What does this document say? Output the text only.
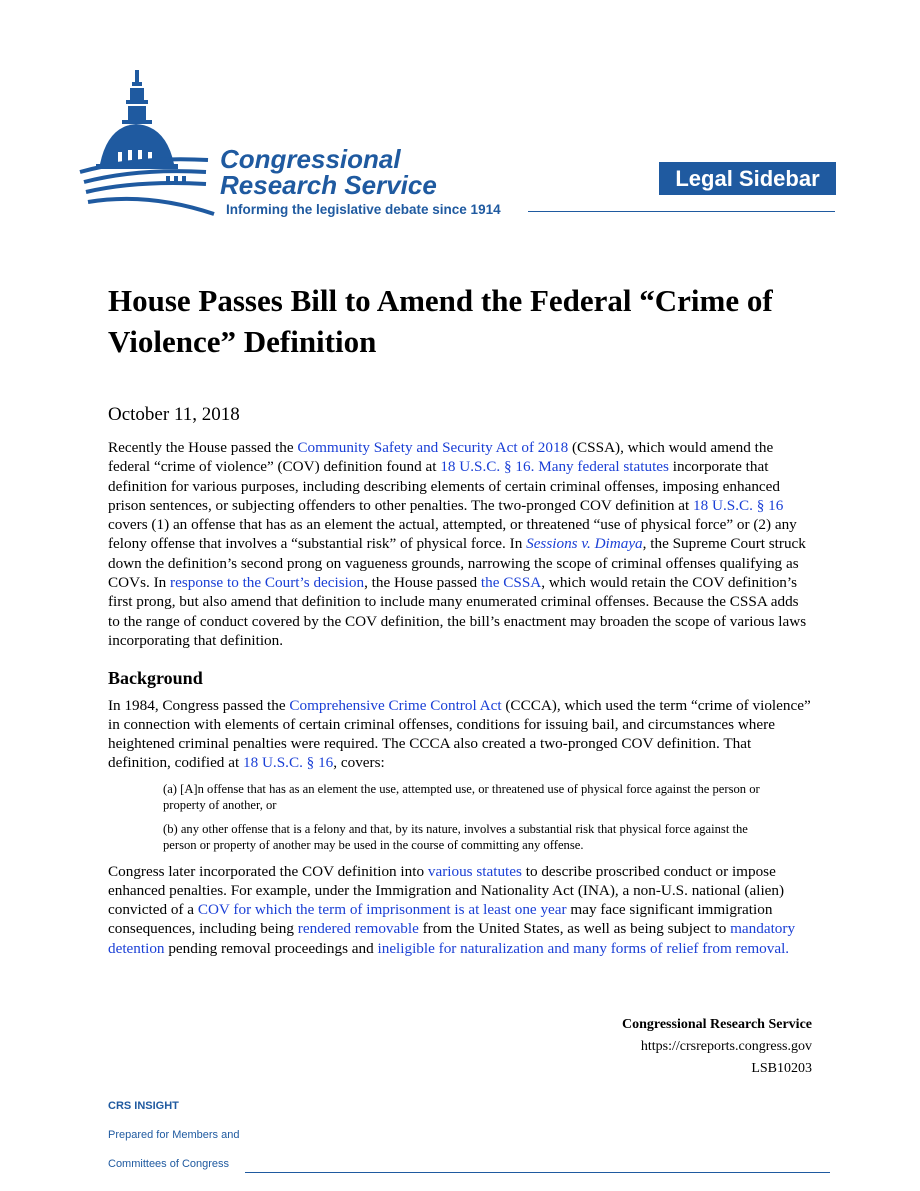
Congressional
Research Service
Informing the legislative debate since 1914
Legal Sidebar
House Passes Bill to Amend the Federal “Crime of Violence” Definition
October 11, 2018

Recently the House passed the Community Safety and Security Act of 2018 (CSSA), which would amend the federal “crime of violence” (COV) definition found at 18 U.S.C. § 16. Many federal statutes incorporate that definition for various purposes, including describing elements of certain criminal offenses, imposing enhanced prison sentences, or subjecting offenders to other penalties. The two-pronged COV definition at 18 U.S.C. § 16 covers (1) an offense that has as an element the actual, attempted, or threatened “use of physical force” or (2) any felony offense that involves a “substantial risk” of physical force. In Sessions v. Dimaya, the Supreme Court struck down the definition’s second prong on vagueness grounds, narrowing the scope of criminal offenses qualifying as COVs. In response to the Court’s decision, the House passed the CSSA, which would retain the COV definition’s first prong, but also amend that definition to include many enumerated criminal offenses. Because the CSSA adds to the range of conduct covered by the COV definition, the bill’s enactment may broaden the scope of various laws incorporating that definition.

Background

In 1984, Congress passed the Comprehensive Crime Control Act (CCCA), which used the term “crime of violence” in connection with elements of certain criminal offenses, conditions for issuing bail, and circumstances where heightened criminal penalties were required. The CCCA also created a two-pronged COV definition. That definition, codified at 18 U.S.C. § 16, covers:

(a) [A]n offense that has as an element the use, attempted use, or threatened use of physical force against the person or property of another, or

(b) any other offense that is a felony and that, by its nature, involves a substantial risk that physical force against the person or property of another may be used in the course of committing any offense.

Congress later incorporated the COV definition into various statutes to describe proscribed conduct or impose enhanced penalties. For example, under the Immigration and Nationality Act (INA), a non-U.S. national (alien) convicted of a COV for which the term of imprisonment is at least one year may face significant immigration consequences, including being rendered removable from the United States, as well as being subject to mandatory detention pending removal proceedings and ineligible for naturalization and many forms of relief from removal.

Congressional Research Service
https://crsreports.congress.gov
LSB10203
CRS INSIGHT
Prepared for Members and
Committees of Congress
